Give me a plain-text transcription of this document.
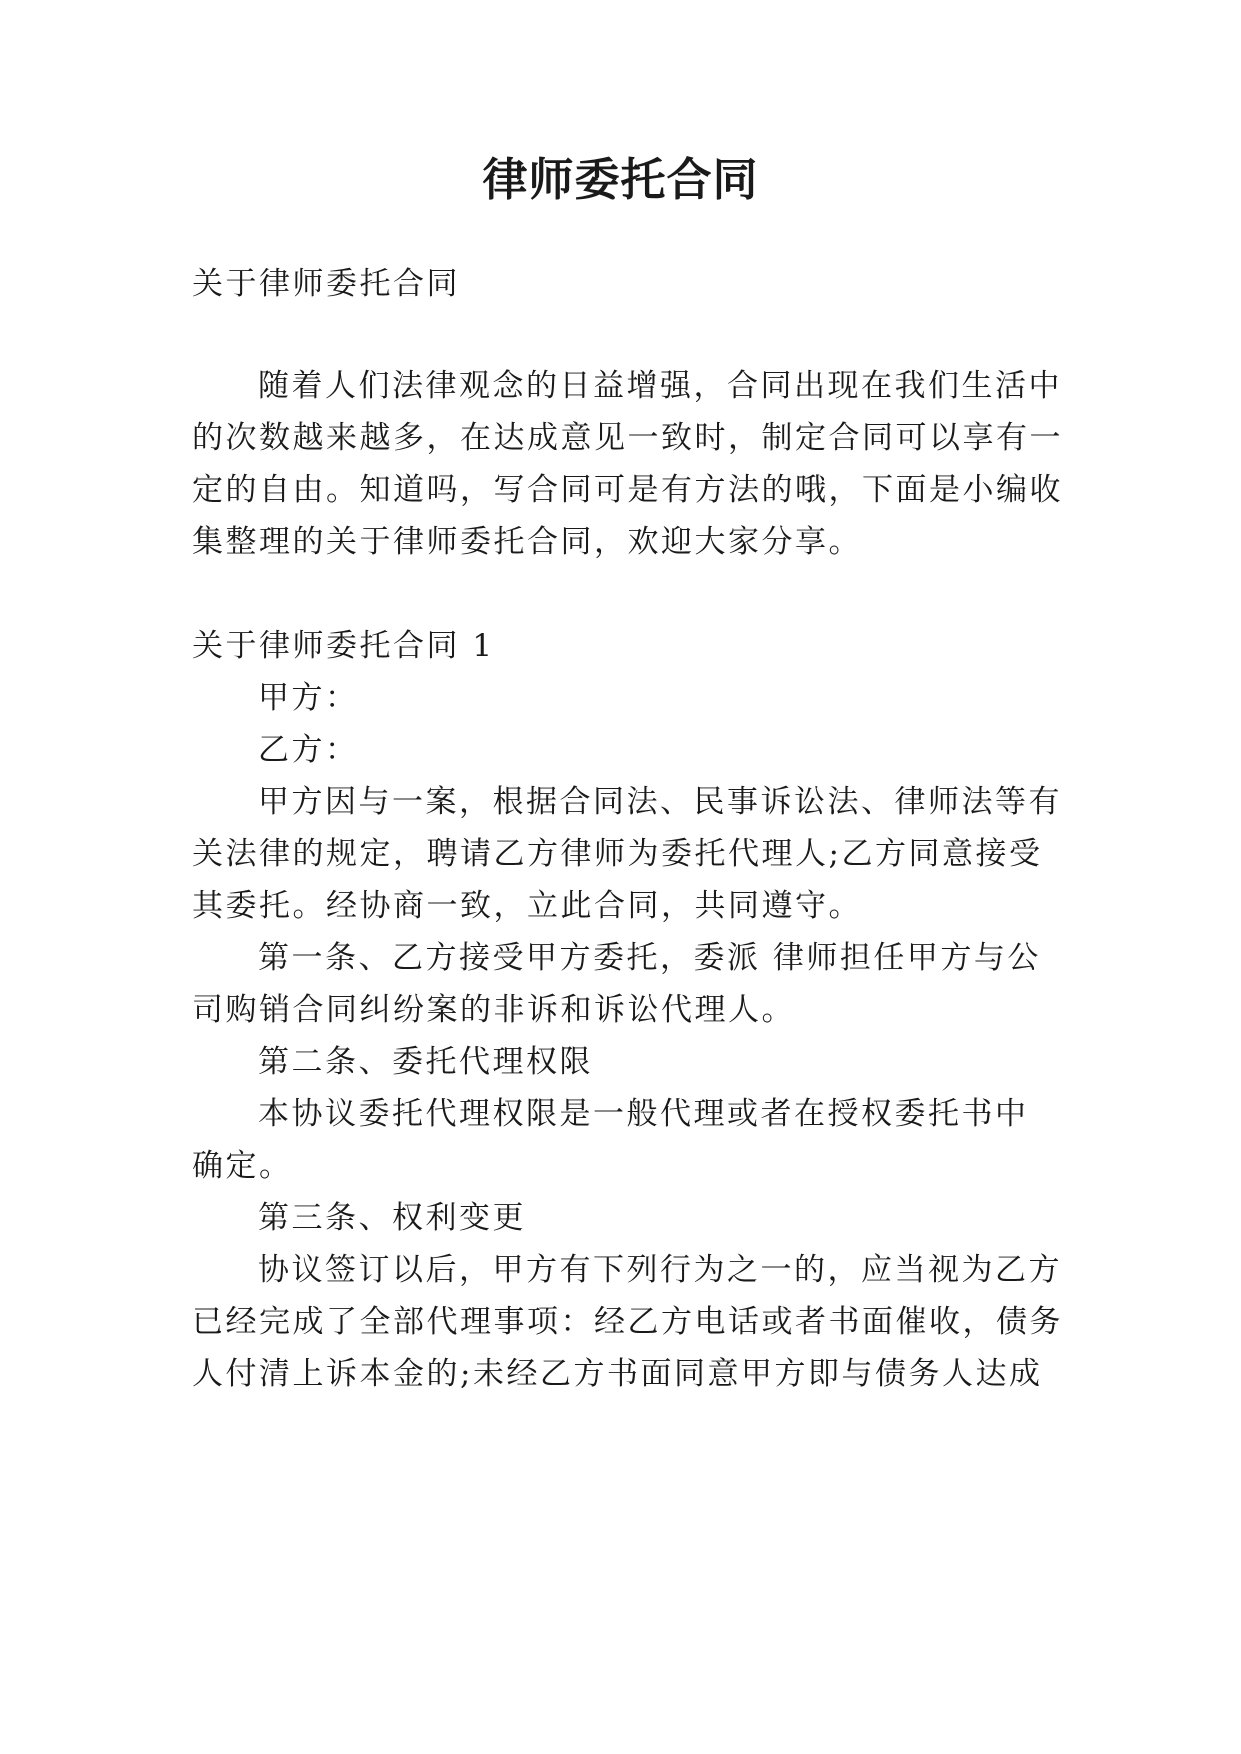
律师委托合同

关于律师委托合同

随着人们法律观念的日益增强，合同出现在我们生活中

的次数越来越多，在达成意见一致时，制定合同可以享有一

定的自由。知道吗，写合同可是有方法的哦，下面是小编收

集整理的关于律师委托合同，欢迎大家分享。

关于律师委托合同 1

甲方：

乙方：

甲方因与一案，根据合同法、民事诉讼法、律师法等有

关法律的规定，聘请乙方律师为委托代理人;乙方同意接受

其委托。经协商一致，立此合同，共同遵守。

第一条、乙方接受甲方委托，委派 律师担任甲方与公

司购销合同纠纷案的非诉和诉讼代理人。

第二条、委托代理权限

本协议委托代理权限是一般代理或者在授权委托书中

确定。

第三条、权利变更

协议签订以后，甲方有下列行为之一的，应当视为乙方

已经完成了全部代理事项：经乙方电话或者书面催收，债务

人付清上诉本金的;未经乙方书面同意甲方即与债务人达成
